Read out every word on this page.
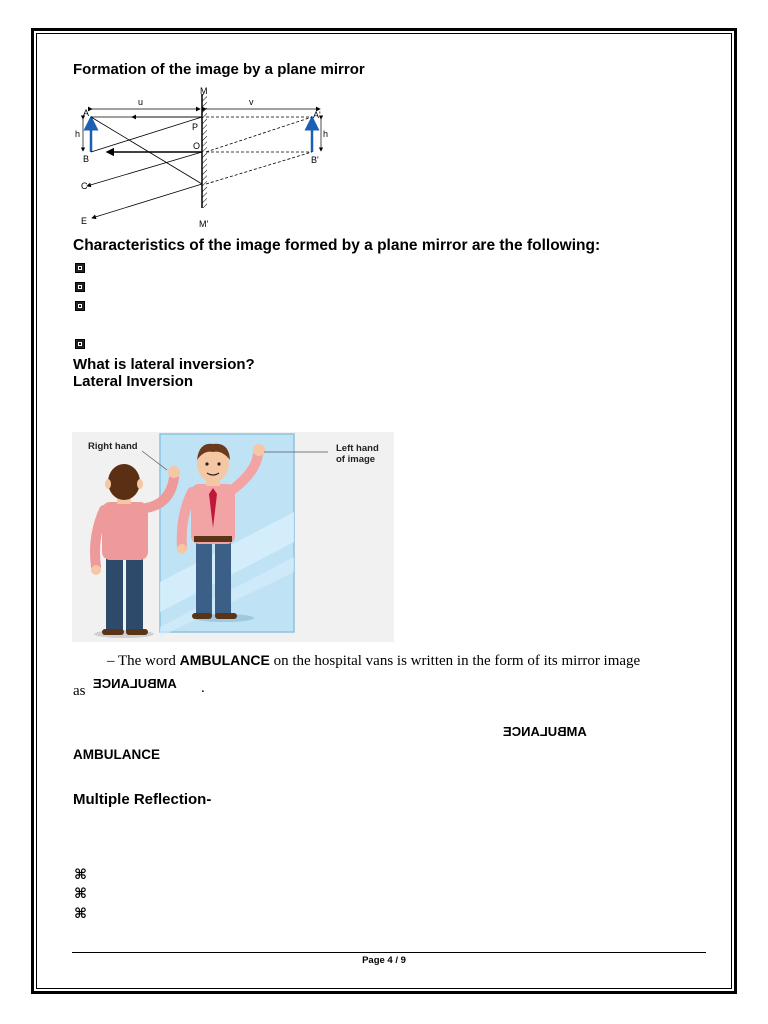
Formation of the image by a plane mirror
M
M'
u	v
A	A'
B	B'
P
O
C
E
h	h
Characteristics of the image formed by a plane mirror are the following:
What is lateral inversion?
Lateral Inversion
Right hand	Left hand
of image
– The word AMBULANCE on the hospital vans is written in the form of its mirror image
as AMBULANCE .
AMBULANCE
AMBULANCE
Multiple Reflection-
⌘
⌘
⌘
Page 4 / 9
